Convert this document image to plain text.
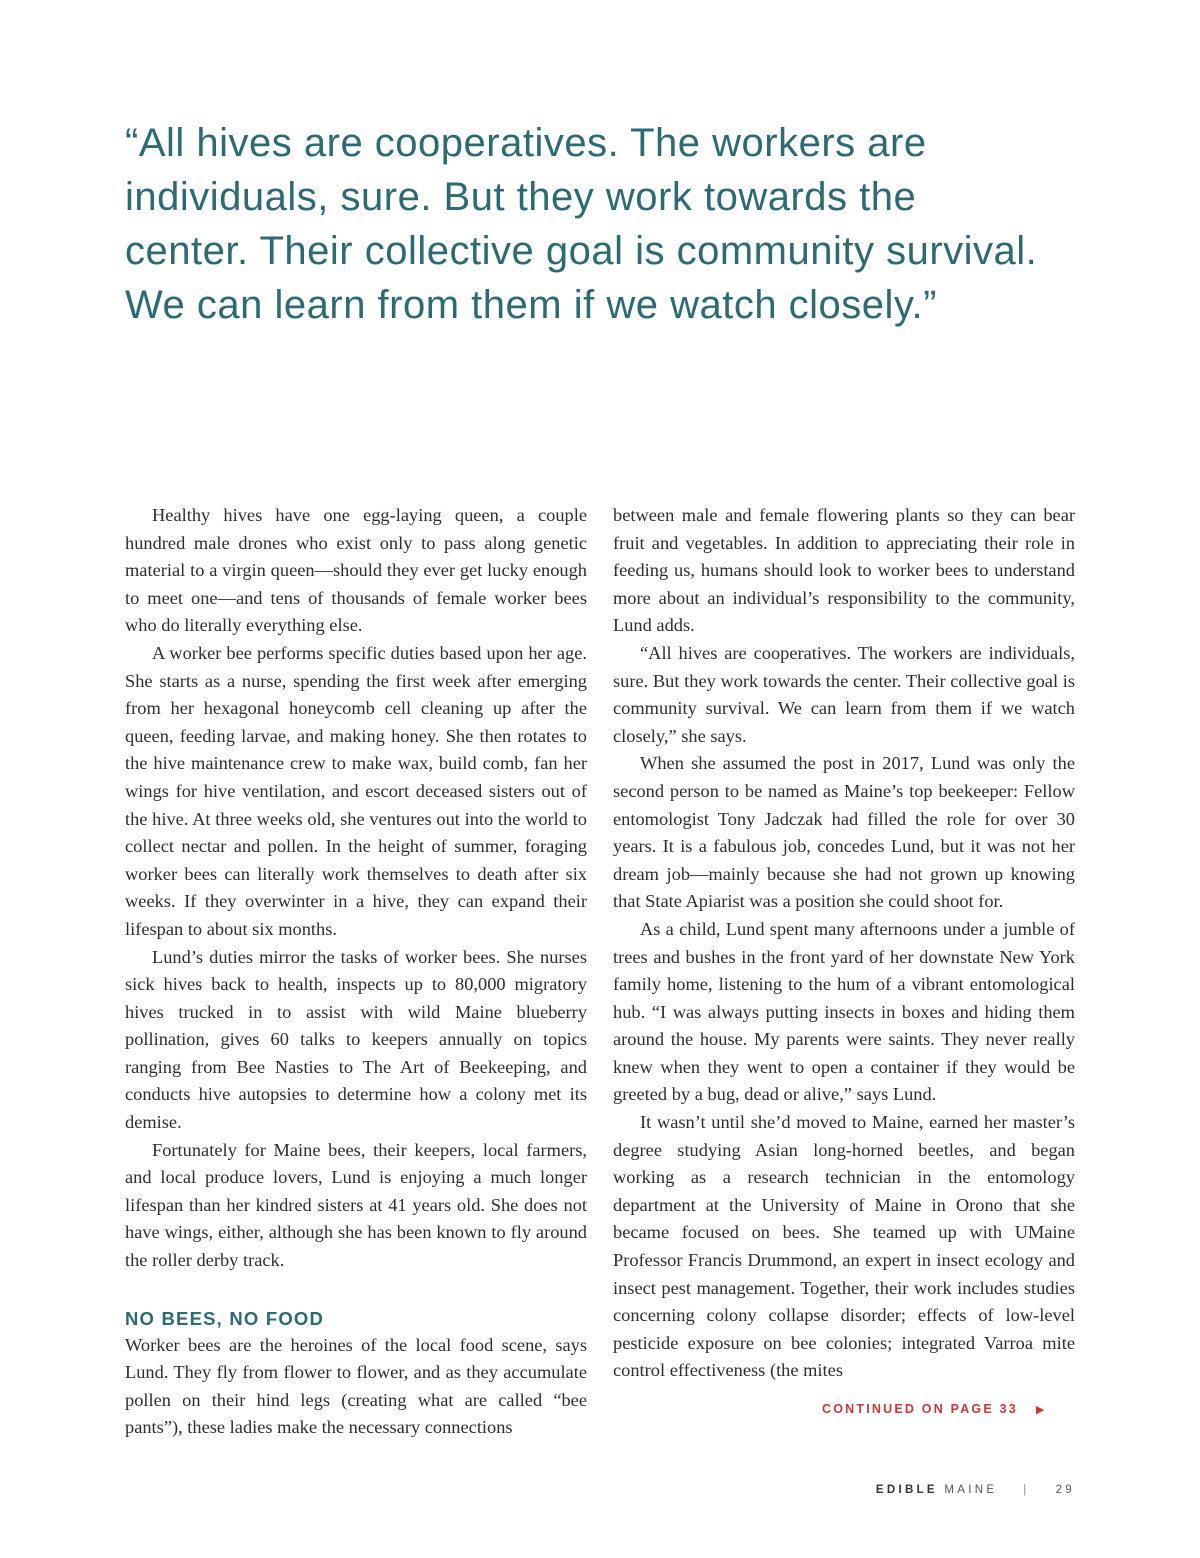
“All hives are cooperatives. The workers are
individuals, sure. But they work towards the
center. Their collective goal is community survival.
We can learn from them if we watch closely.”

Healthy hives have one egg-laying queen, a couple hundred male drones who exist only to pass along genetic material to a virgin queen—should they ever get lucky enough to meet one—and tens of thousands of female worker bees who do literally everything else.

A worker bee performs specific duties based upon her age. She starts as a nurse, spending the first week after emerging from her hexagonal honeycomb cell cleaning up after the queen, feeding larvae, and making honey. She then rotates to the hive maintenance crew to make wax, build comb, fan her wings for hive ventilation, and escort deceased sisters out of the hive. At three weeks old, she ventures out into the world to collect nectar and pollen. In the height of summer, foraging worker bees can literally work themselves to death after six weeks. If they overwinter in a hive, they can expand their lifespan to about six months.

Lund’s duties mirror the tasks of worker bees. She nurses sick hives back to health, inspects up to 80,000 migratory hives trucked in to assist with wild Maine blueberry pollination, gives 60 talks to keepers annually on topics ranging from Bee Nasties to The Art of Beekeeping, and conducts hive autopsies to determine how a colony met its demise.

Fortunately for Maine bees, their keepers, local farmers, and local produce lovers, Lund is enjoying a much longer lifespan than her kindred sisters at 41 years old. She does not have wings, either, although she has been known to fly around the roller derby track.

NO BEES, NO FOOD

Worker bees are the heroines of the local food scene, says Lund. They fly from flower to flower, and as they accumulate pollen on their hind legs (creating what are called “bee pants”), these ladies make the necessary connections

between male and female flowering plants so they can bear fruit and vegetables. In addition to appreciating their role in feeding us, humans should look to worker bees to understand more about an individual’s responsibility to the community, Lund adds.

“All hives are cooperatives. The workers are individuals, sure. But they work towards the center. Their collective goal is community survival. We can learn from them if we watch closely,” she says.

When she assumed the post in 2017, Lund was only the second person to be named as Maine’s top beekeeper: Fellow entomologist Tony Jadczak had filled the role for over 30 years. It is a fabulous job, concedes Lund, but it was not her dream job—mainly because she had not grown up knowing that State Apiarist was a position she could shoot for.

As a child, Lund spent many afternoons under a jumble of trees and bushes in the front yard of her downstate New York family home, listening to the hum of a vibrant entomological hub. “I was always putting insects in boxes and hiding them around the house. My parents were saints. They never really knew when they went to open a container if they would be greeted by a bug, dead or alive,” says Lund.

It wasn’t until she’d moved to Maine, earned her master’s degree studying Asian long-horned beetles, and began working as a research technician in the entomology department at the University of Maine in Orono that she became focused on bees. She teamed up with UMaine Professor Francis Drummond, an expert in insect ecology and insect pest management. Together, their work includes studies concerning colony collapse disorder; effects of low-level pesticide exposure on bee colonies; integrated Varroa mite control effectiveness (the mites

CONTINUED ON PAGE 33 ▶
EDIBLE MAINE | 29
